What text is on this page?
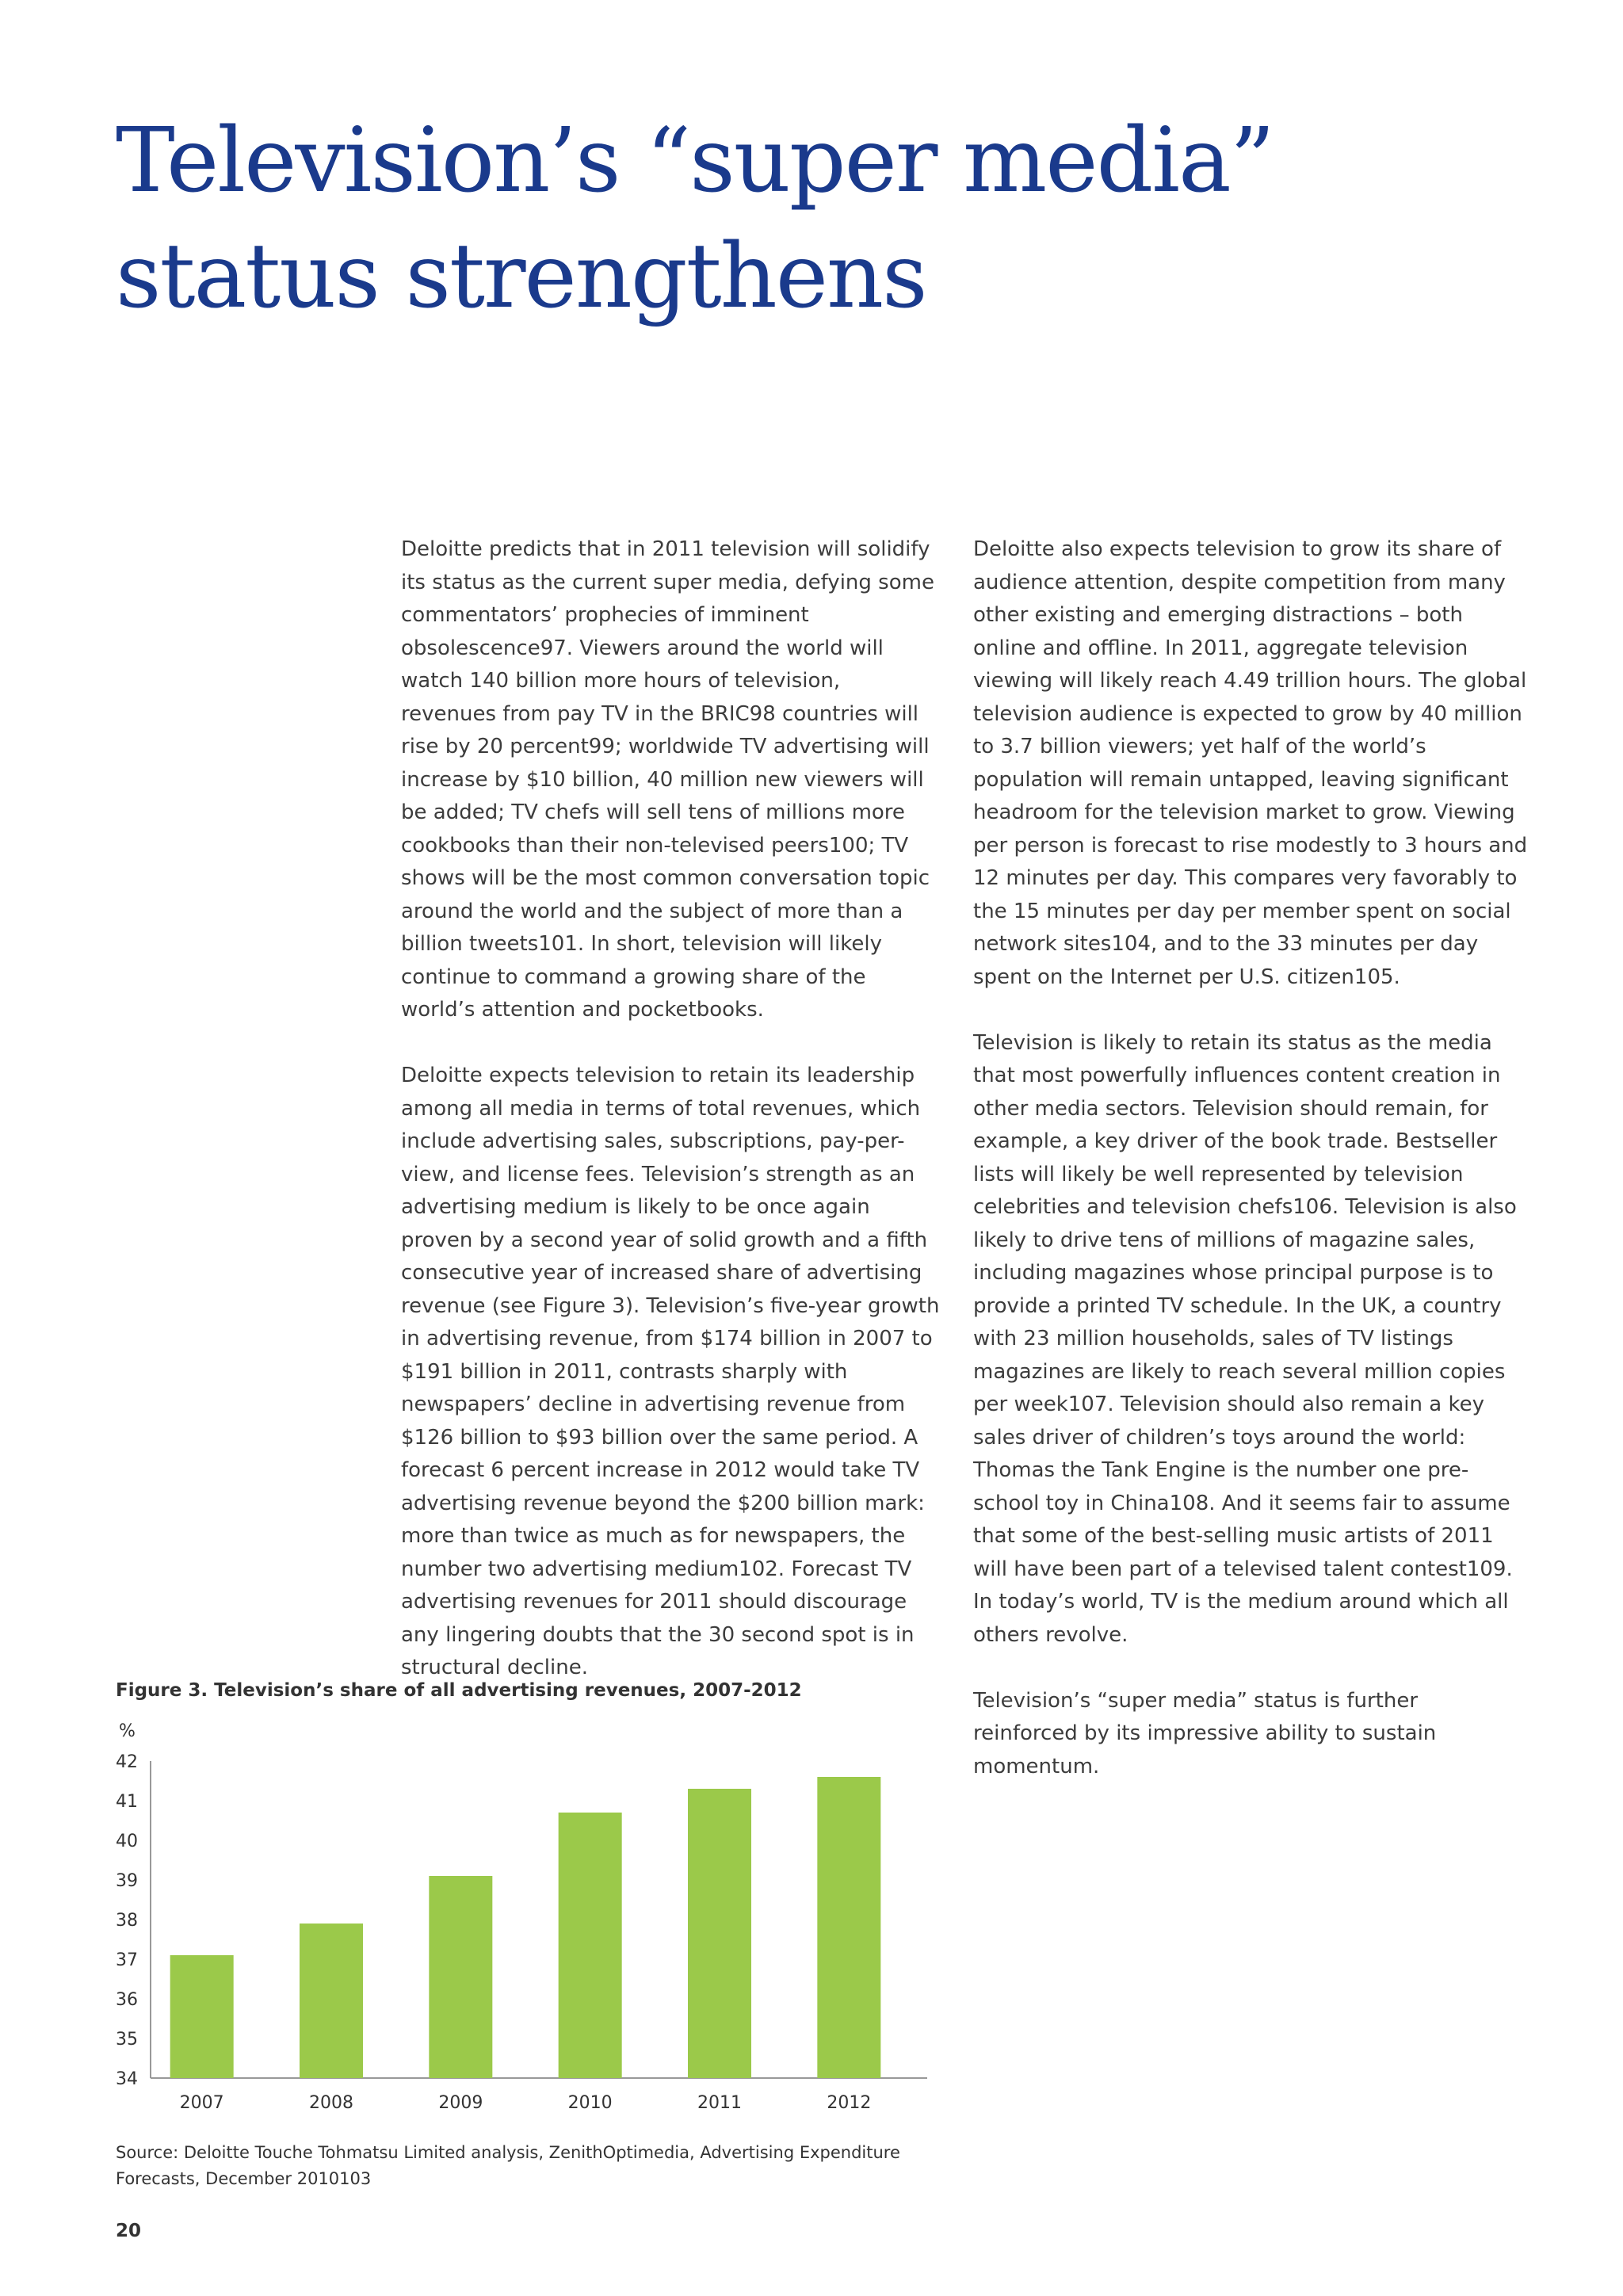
Television’s “super media”
status strengthens

Deloitte predicts that in 2011 television will solidify its status as the current super media, defying some commentators’ prophecies of imminent obsolescence97. Viewers around the world will watch 140 billion more hours of television, revenues from pay TV in the BRIC98 countries will rise by 20 percent99; worldwide TV advertising will increase by $10 billion, 40 million new viewers will be added; TV chefs will sell tens of millions more cookbooks than their non-televised peers100; TV shows will be the most common conversation topic around the world and the subject of more than a billion tweets101. In short, television will likely continue to command a growing share of the world’s attention and pocketbooks.

Deloitte expects television to retain its leadership among all media in terms of total revenues, which include advertising sales, subscriptions, pay-per-view, and license fees. Television’s strength as an advertising medium is likely to be once again proven by a second year of solid growth and a fifth consecutive year of increased share of advertising revenue (see Figure 3). Television’s five-year growth in advertising revenue, from $174 billion in 2007 to $191 billion in 2011, contrasts sharply with newspapers’ decline in advertising revenue from $126 billion to $93 billion over the same period. A forecast 6 percent increase in 2012 would take TV advertising revenue beyond the $200 billion mark: more than twice as much as for newspapers, the number two advertising medium102. Forecast TV advertising revenues for 2011 should discourage any lingering doubts that the 30 second spot is in structural decline.

Deloitte also expects television to grow its share of audience attention, despite competition from many other existing and emerging distractions – both online and offline. In 2011, aggregate television viewing will likely reach 4.49 trillion hours. The global television audience is expected to grow by 40 million to 3.7 billion viewers; yet half of the world’s population will remain untapped, leaving significant headroom for the television market to grow. Viewing per person is forecast to rise modestly to 3 hours and 12 minutes per day. This compares very favorably to the 15 minutes per day per member spent on social network sites104, and to the 33 minutes per day spent on the Internet per U.S. citizen105.

Television is likely to retain its status as the media that most powerfully influences content creation in other media sectors. Television should remain, for example, a key driver of the book trade. Bestseller lists will likely be well represented by television celebrities and television chefs106. Television is also likely to drive tens of millions of magazine sales, including magazines whose principal purpose is to provide a printed TV schedule. In the UK, a country with 23 million households, sales of TV listings magazines are likely to reach several million copies per week107. Television should also remain a key sales driver of children’s toys around the world: Thomas the Tank Engine is the number one pre-school toy in China108. And it seems fair to assume that some of the best-selling music artists of 2011 will have been part of a televised talent contest109. In today’s world, TV is the medium around which all others revolve.

Television’s “super media” status is further reinforced by its impressive ability to sustain momentum.

Figure 3. Television’s share of all advertising revenues, 2007-2012
%
34
35
36
37
38
39
40
41
42
2007	2008	2009	2010	2011	2012
Source: Deloitte Touche Tohmatsu Limited analysis, ZenithOptimedia, Advertising Expenditure Forecasts, December 2010103
20
